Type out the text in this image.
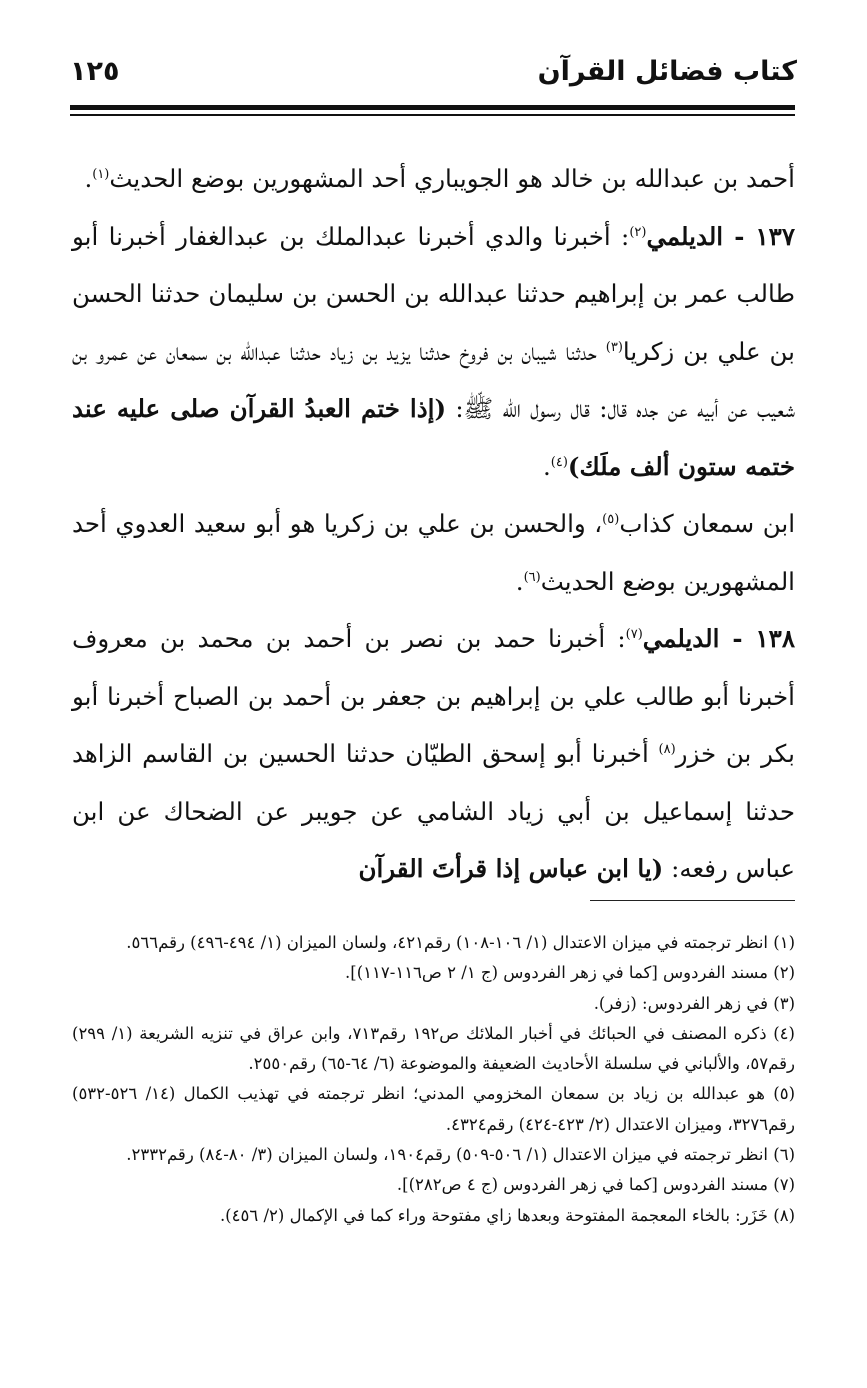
كتاب فضائل القرآن
١٢٥

أحمد بن عبدالله بن خالد هو الجويباري أحد المشهورين بوضع الحديث$^{(١)}$.

١٣٧ - الديلمي$^{(٢)}$: أخبرنا والدي أخبرنا عبدالملك بن عبدالغفار أخبرنا أبو طالب عمر بن إبراهيم حدثنا عبدالله بن الحسن بن سليمان حدثنا الحسن بن علي بن زكريا$^{(٣)}$ حدثنا شيبان بن فروخ حدثنا يزيد بن زياد حدثنا عبدالله بن سمعان عن عمرو بن شعيب عن أبيه عن جده قال: قال رسول الله ﷺ: (إذا ختم العبدُ القرآن صلى عليه عند ختمه ستون ألف ملَك)$^{(٤)}$.

ابن سمعان كذاب$^{(٥)}$، والحسن بن علي بن زكريا هو أبو سعيد العدوي أحد المشهورين بوضع الحديث$^{(٦)}$.

١٣٨ - الديلمي$^{(٧)}$: أخبرنا حمد بن نصر بن أحمد بن محمد بن معروف أخبرنا أبو طالب علي بن إبراهيم بن جعفر بن أحمد بن الصباح أخبرنا أبو بكر بن خزر$^{(٨)}$ أخبرنا أبو إسحق الطيّان حدثنا الحسين بن القاسم الزاهد حدثنا إسماعيل بن أبي زياد الشامي عن جويبر عن الضحاك عن ابن عباس رفعه: (يا ابن عباس إذا قرأتَ القرآن

(١) انظر ترجمته في ميزان الاعتدال (١/ ١٠٦-١٠٨) رقم٤٢١، ولسان الميزان (١/ ٤٩٤-٤٩٦) رقم٥٦٦.

(٢) مسند الفردوس [كما في زهر الفردوس (ج ١/ ٢ ص١١٦-١١٧)].

(٣) في زهر الفردوس: (زفر).

(٤) ذكره المصنف في الحبائك في أخبار الملائك ص١٩٢ رقم٧١٣، وابن عراق في تنزيه الشريعة (١/ ٢٩٩) رقم٥٧، والألباني في سلسلة الأحاديث الضعيفة والموضوعة (٦/ ٦٤-٦٥) رقم٢٥٥٠.

(٥) هو عبدالله بن زياد بن سمعان المخزومي المدني؛ انظر ترجمته في تهذيب الكمال (١٤/ ٥٢٦-٥٣٢) رقم٣٢٧٦، وميزان الاعتدال (٢/ ٤٢٣-٤٢٤) رقم٤٣٢٤.

(٦) انظر ترجمته في ميزان الاعتدال (١/ ٥٠٦-٥٠٩) رقم١٩٠٤، ولسان الميزان (٣/ ٨٠-٨٤) رقم٢٣٣٢.

(٧) مسند الفردوس [كما في زهر الفردوس (ج ٤ ص٢٨٢)].

(٨) خَزَر: بالخاء المعجمة المفتوحة وبعدها زاي مفتوحة وراء كما في الإكمال (٢/ ٤٥٦).
